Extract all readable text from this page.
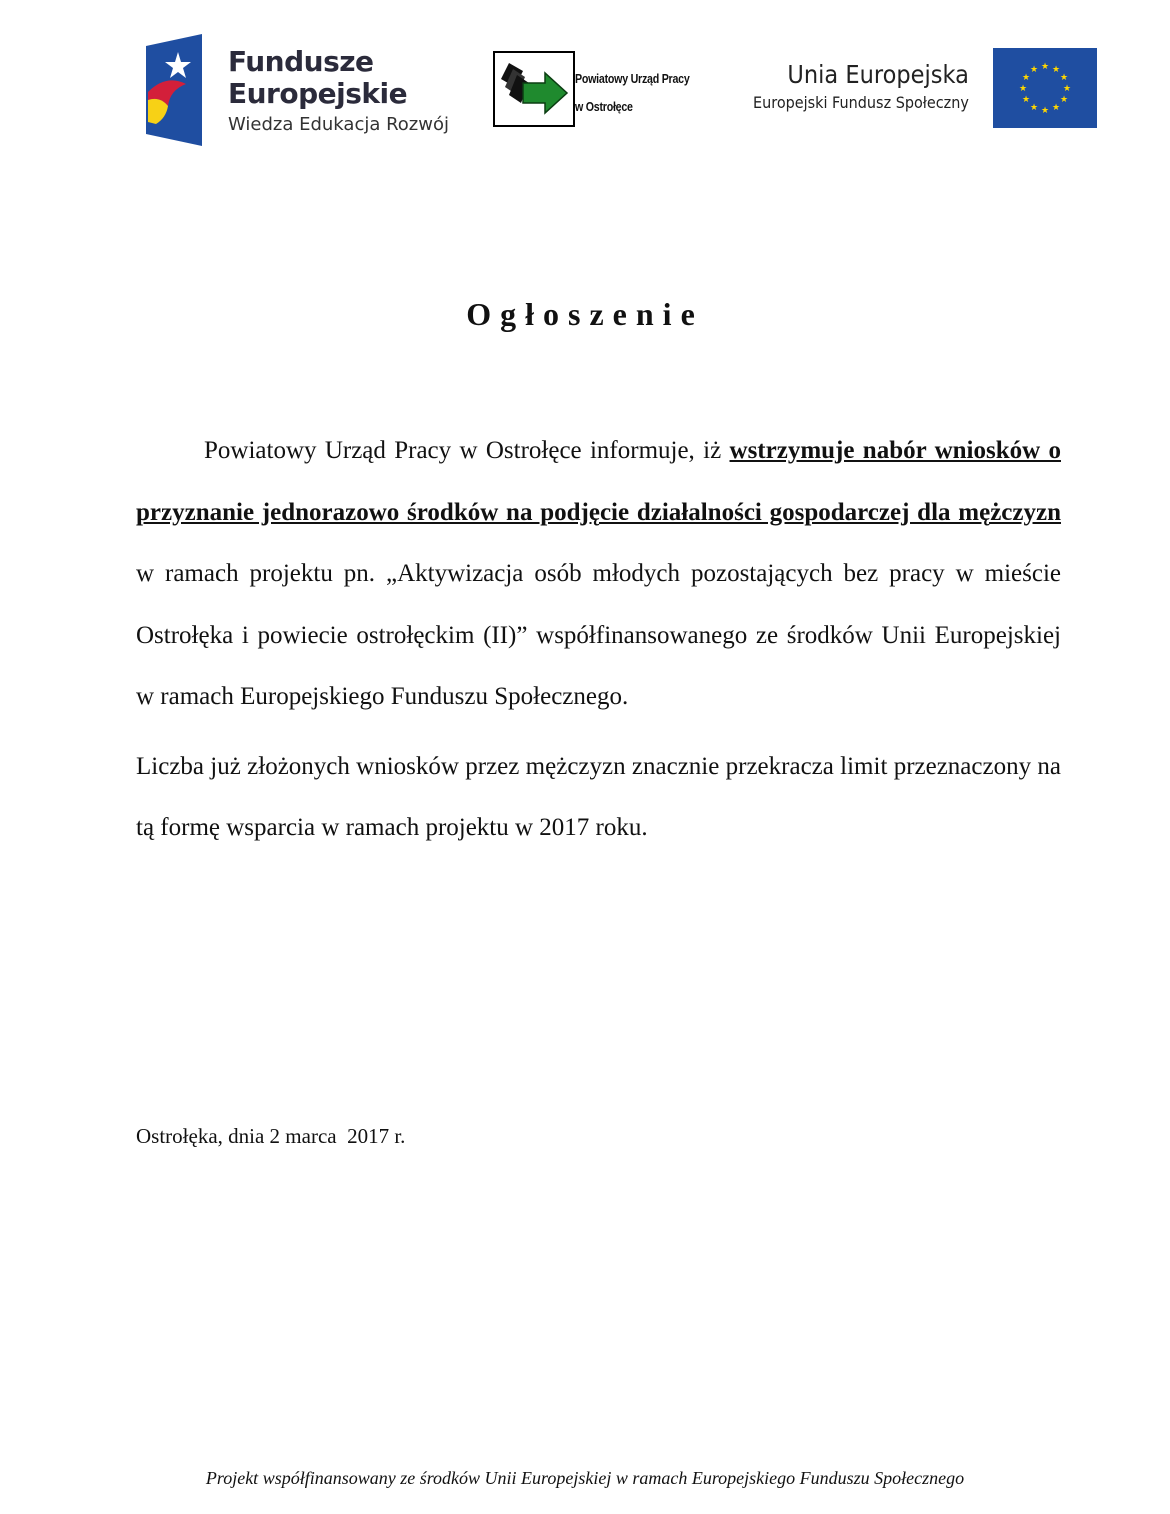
Fundusze
Europejskie
Wiedza Edukacja Rozwój
Powiatowy Urząd Pracy
w Ostrołęce
Unia Europejska
Europejski Fundusz Społeczny
★ ★
★
★
★
★
★
★
★
★
★
★
Ogłoszenie

Powiatowy Urząd Pracy w Ostrołęce informuje, iż wstrzymuje nabór wniosków o przyznanie jednorazowo środków na podjęcie działalności gospodarczej dla mężczyzn w ramach projektu pn. „Aktywizacja osób młodych pozostających bez pracy w mieście Ostrołęka i powiecie ostrołęckim (II)” współfinansowanego ze środków Unii Europejskiej w ramach Europejskiego Funduszu Społecznego.

Liczba już złożonych wniosków przez mężczyzn znacznie przekracza limit przeznaczony na tą formę wsparcia w ramach projektu w 2017 roku.

Ostrołęka, dnia 2 marca  2017 r.

Projekt współfinansowany ze środków Unii Europejskiej w ramach Europejskiego Funduszu Społecznego
